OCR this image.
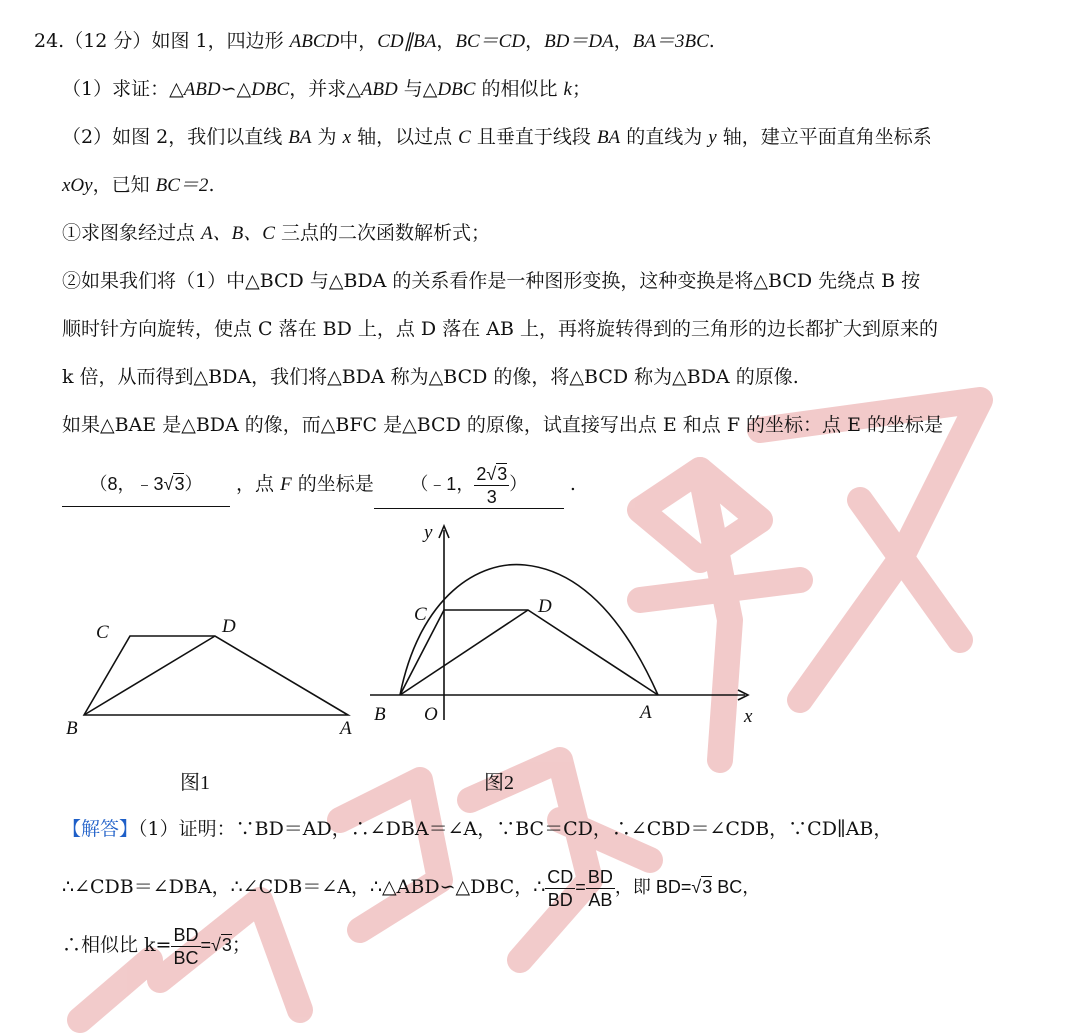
24.（12 分）如图 1，四边形 ABCD中，CD∥BA，BC＝CD，BD＝DA，BA＝3BC.
（1）求证：△ABD∽△DBC，并求△ABD 与△DBC 的相似比 k；
（2）如图 2，我们以直线 BA 为 x 轴，以过点 C 且垂直于线段 BA 的直线为 y 轴，建立平面直角坐标系
xOy，已知 BC＝2.
①求图象经过点 A、B、C 三点的二次函数解析式；
②如果我们将（1）中△BCD 与△BDA 的关系看作是一种图形变换，这种变换是将△BCD 先绕点 B 按
顺时针方向旋转，使点 C 落在 BD 上，点 D 落在 AB 上，再将旋转得到的三角形的边长都扩大到原来的
k 倍，从而得到△BDA，我们将△BDA 称为△BCD 的像，将△BCD 称为△BDA 的原像.
如果△BAE 是△BDA 的像，而△BFC 是△BCD 的原像，试直接写出点 E 和点 F 的坐标：点 E 的坐标是
（8，﹣3√3） ，点 F 的坐标是 （﹣1， $\frac{2√3}{3}$ ） .
C	D
B	A
图1
y
C	D
B O	A	x
图2
【解答】（1）证明：∵BD＝AD，∴∠DBA＝∠A，∵BC＝CD，∴∠CBD＝∠CDB，∵CD∥AB，
∴∠CDB＝∠DBA，∴∠CDB＝∠A，∴△ABD∽△DBC，∴ $\frac{CD}{BD} = \frac{BD}{AB}$ ，即 BD=√3 BC，
∴相似比 $k= \frac{BD}{BC} =√3$；
